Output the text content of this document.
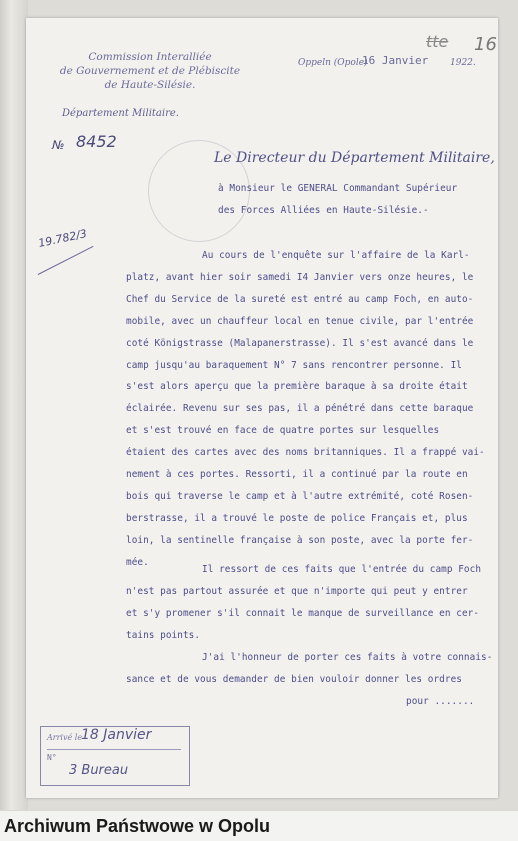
Commission Interalliée
de Gouvernement et de Plébiscite
de Haute-Silésie.
Département Militaire.
Oppeln (Opole)
16 Janvier 1922.
tte 16
№ 8452
19.782/3
Le Directeur du Département Militaire,
à Monsieur le GENERAL Commandant Supérieur
des Forces Alliées en Haute-Silésie.-
Au cours de l'enquête sur l'affaire de la Karl-
platz, avant hier soir samedi I4 Janvier vers onze heures, le
Chef du Service de la sureté est entré au camp Foch, en auto-
mobile, avec un chauffeur local en tenue civile, par l'entrée
coté Königstrasse (Malapanerstrasse). Il s'est avancé dans le
camp jusqu'au baraquement N° 7 sans rencontrer personne. Il
s'est alors aperçu que la première baraque à sa droite était
éclairée. Revenu sur ses pas, il a pénétré dans cette baraque
et s'est trouvé en face de quatre portes sur lesquelles
étaient des cartes avec des noms britanniques. Il a frappé vai-
nement à ces portes. Ressorti, il a continué par la route en
bois qui traverse le camp et à l'autre extrémité, coté Rosen-
berstrasse, il a trouvé le poste de police Français et, plus
loin, la sentinelle française à son poste, avec la porte fer-
mée.
Il ressort de ces faits que l'entrée du camp Foch
n'est pas partout assurée et que n'importe qui peut y entrer
et s'y promener s'il connait le manque de surveillance en cer-
tains points.
J'ai l'honneur de porter ces faits à votre connais-
sance et de vous demander de bien vouloir donner les ordres
pour .......
Arrivé le
18 Janvier
N°
3 Bureau
Archiwum Państwowe w Opolu
